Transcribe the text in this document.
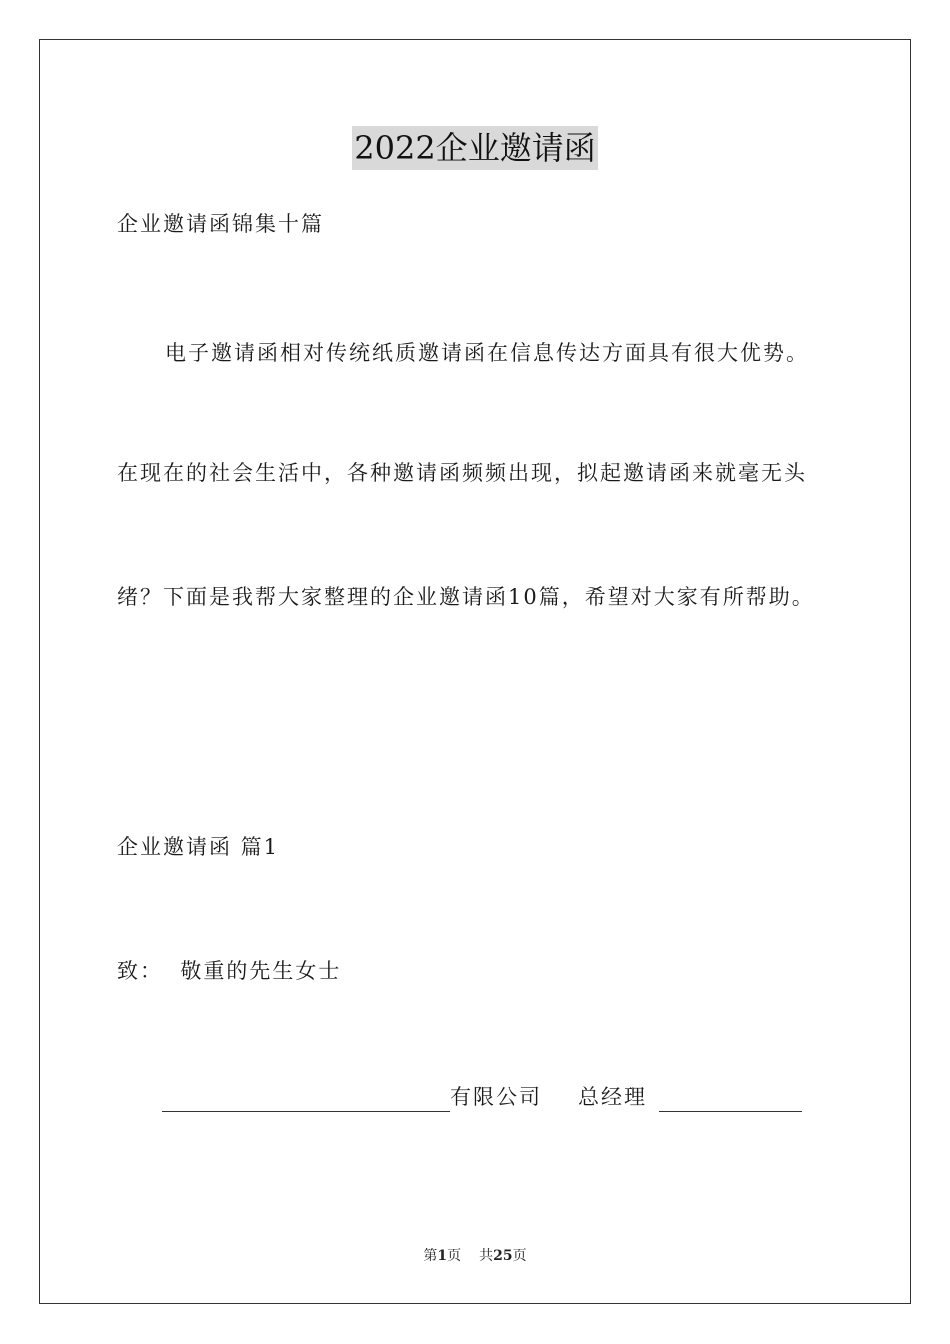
2022企业邀请函
企业邀请函锦集十篇
电子邀请函相对传统纸质邀请函在信息传达方面具有很大优势。
在现在的社会生活中，各种邀请函频频出现，拟起邀请函来就毫无头
绪？下面是我帮大家整理的企业邀请函10篇，希望对大家有所帮助。
企业邀请函 篇1
致：  敬重的先生女士
有限公司 总经理
第1页 共25页
